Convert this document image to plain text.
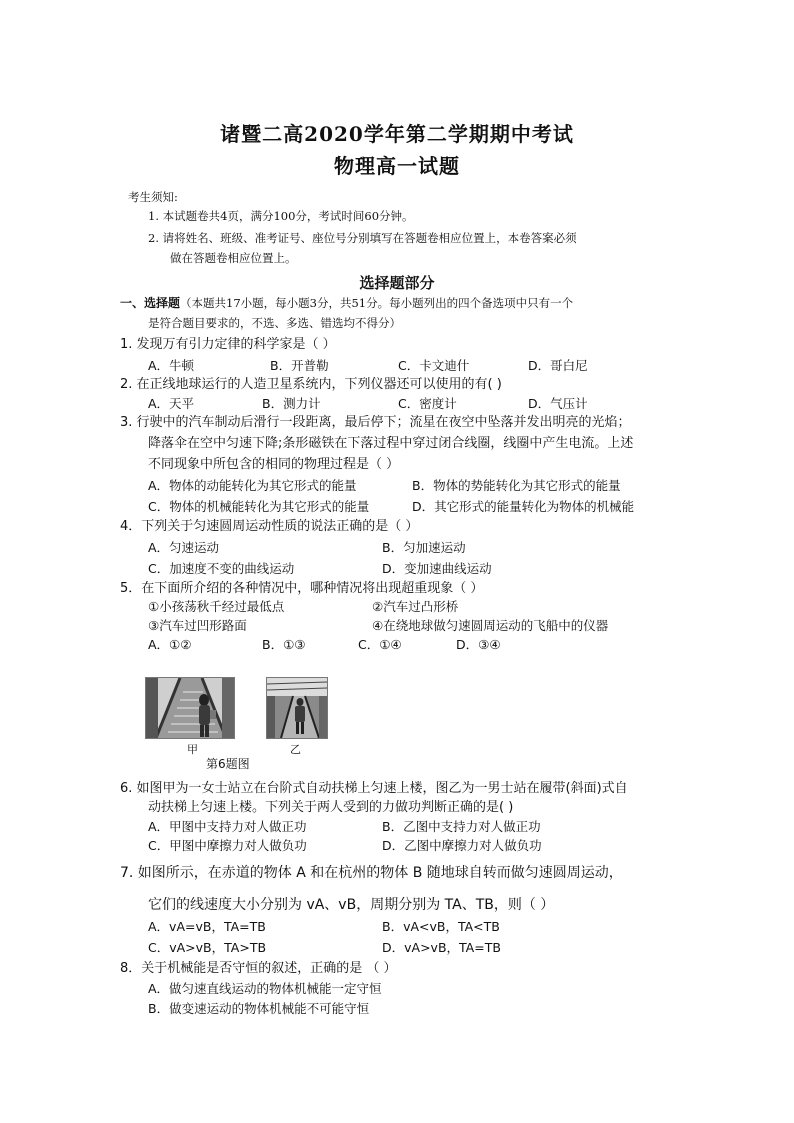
诸暨二高2020学年第二学期期中考试
物理高一试题
考生须知:
1. 本试题卷共4页，满分100分，考试时间60分钟。
2. 请将姓名、班级、准考证号、座位号分别填写在答题卷相应位置上，本卷答案必须
做在答题卷相应位置上。
选择题部分
一、选择题（本题共17小题，每小题3分，共51分。每小题列出的四个备选项中只有一个
是符合题目要求的，不选、多选、错选均不得分）
1. 发现万有引力定律的科学家是（ ）
A．牛顿	B．开普勒	C．卡文迪什	D．哥白尼
2. 在正线地球运行的人造卫星系统内，下列仪器还可以使用的有( )
A．天平	B．测力计	C．密度计	D．气压计
3. 行驶中的汽车制动后滑行一段距离，最后停下；流星在夜空中坠落并发出明亮的光焰；
降落伞在空中匀速下降;条形磁铁在下落过程中穿过闭合线圈，线圈中产生电流。上述
不同现象中所包含的相同的物理过程是（ ）
A．物体的动能转化为其它形式的能量	B．物体的势能转化为其它形式的能量
C．物体的机械能转化为其它形式的能量	D．其它形式的能量转化为物体的机械能
4．下列关于匀速圆周运动性质的说法正确的是（ ）
A．匀速运动	B．匀加速运动
C．加速度不变的曲线运动	D．变加速曲线运动
5．在下面所介绍的各种情况中，哪种情况将出现超重现象（ ）
①小孩荡秋千经过最低点	②汽车过凸形桥
③汽车过凹形路面	④在绕地球做匀速圆周运动的飞船中的仪器
A．①②	B．①③	C．①④	D．③④
甲	乙
第6题图
6. 如图甲为一女士站立在台阶式自动扶梯上匀速上楼，图乙为一男士站在履带(斜面)式自
动扶梯上匀速上楼。下列关于两人受到的力做功判断正确的是( )
A．甲图中支持力对人做正功	B．乙图中支持力对人做正功
C．甲图中摩擦力对人做负功	D．乙图中摩擦力对人做负功
7. 如图所示，在赤道的物体 A 和在杭州的物体 B 随地球自转而做匀速圆周运动，
它们的线速度大小分别为 vA、vB，周期分别为 TA、TB，则（ ）
A．vA=vB，TA=TB	B．vA<vB，TA<TB
C．vA>vB，TA>TB	D．vA>vB，TA=TB
8．关于机械能是否守恒的叙述，正确的是 （ ）
A．做匀速直线运动的物体机械能一定守恒
B．做变速运动的物体机械能不可能守恒
